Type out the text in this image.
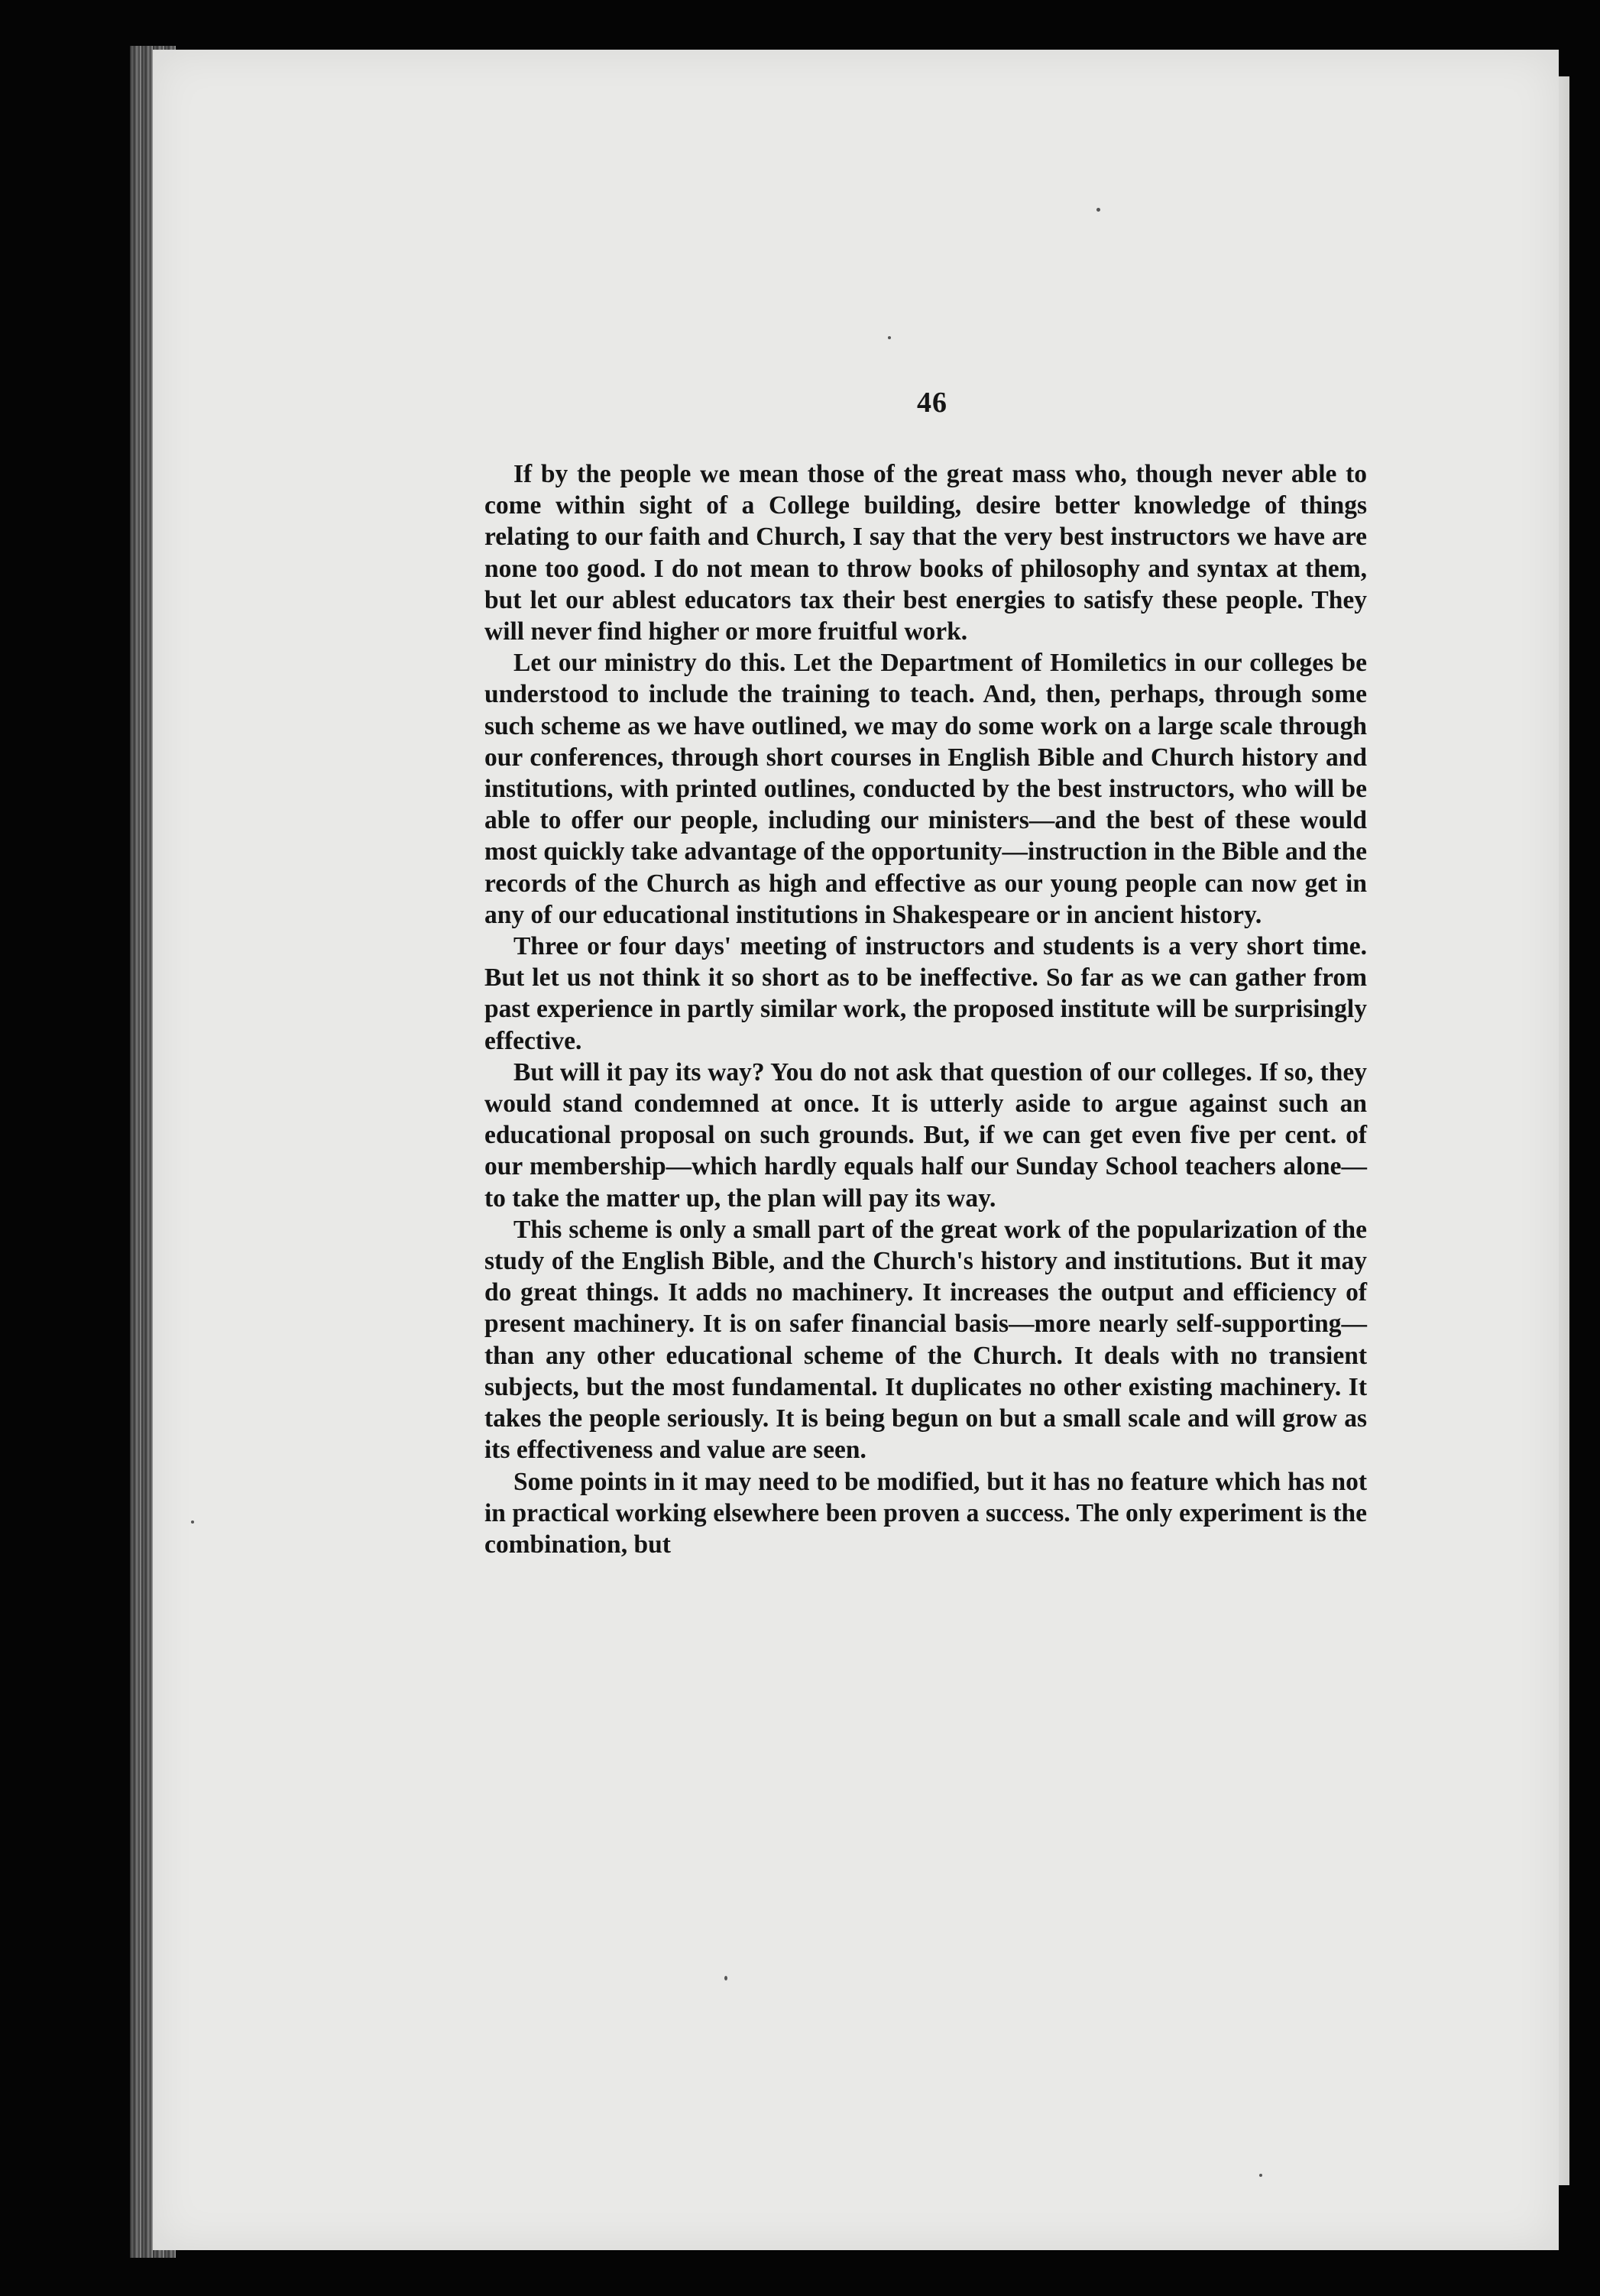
46

If by the people we mean those of the great mass who, though never able to come within sight of a College building, desire better knowledge of things relating to our faith and Church, I say that the very best instructors we have are none too good. I do not mean to throw books of philosophy and syntax at them, but let our ablest educators tax their best energies to satisfy these people. They will never find higher or more fruitful work.

Let our ministry do this. Let the Department of Homiletics in our colleges be understood to include the training to teach. And, then, perhaps, through some such scheme as we have outlined, we may do some work on a large scale through our conferences, through short courses in English Bible and Church history and institutions, with printed outlines, conducted by the best instructors, who will be able to offer our people, including our ministers—and the best of these would most quickly take advantage of the opportunity—instruction in the Bible and the records of the Church as high and effective as our young people can now get in any of our educational institutions in Shakespeare or in ancient history.

Three or four days' meeting of instructors and students is a very short time. But let us not think it so short as to be ineffective. So far as we can gather from past experience in partly similar work, the proposed institute will be surprisingly effective.

But will it pay its way? You do not ask that question of our colleges. If so, they would stand condemned at once. It is utterly aside to argue against such an educational proposal on such grounds. But, if we can get even five per cent. of our membership—which hardly equals half our Sunday School teachers alone—to take the matter up, the plan will pay its way.

This scheme is only a small part of the great work of the popularization of the study of the English Bible, and the Church's history and institutions. But it may do great things. It adds no machinery. It increases the output and efficiency of present machinery. It is on safer financial basis—more nearly self-supporting—than any other educational scheme of the Church. It deals with no transient subjects, but the most fundamental. It duplicates no other existing machinery. It takes the people seriously. It is being begun on but a small scale and will grow as its effectiveness and value are seen.

Some points in it may need to be modified, but it has no feature which has not in practical working elsewhere been proven a success. The only experiment is the combination, but
